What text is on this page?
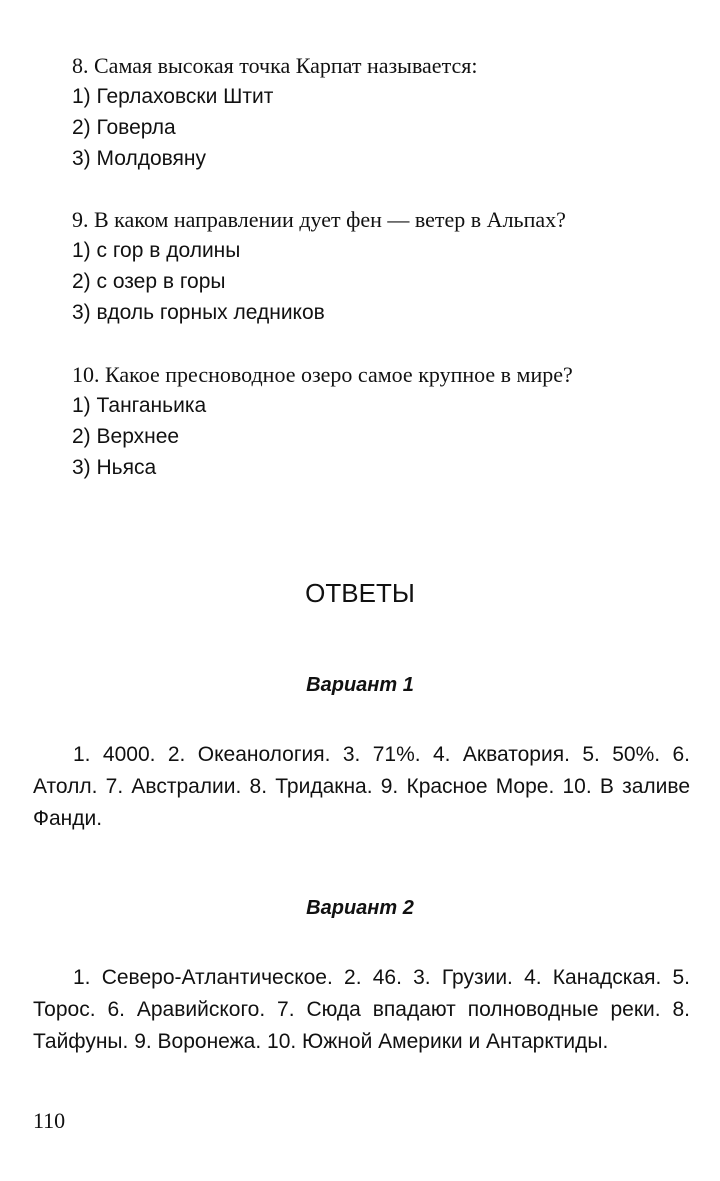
8. Самая высокая точка Карпат называется:

1) Герлаховски Штит

2) Говерла

3) Молдовяну

9. В каком направлении дует фен — ветер в Альпах?

1) с гор в долины

2) с озер в горы

3) вдоль горных ледников

10. Какое пресноводное озеро самое крупное в мире?

1) Танганьика

2) Верхнее

3) Ньяса

ОТВЕТЫ

Вариант 1

1. 4000. 2. Океанология. 3. 71%. 4. Акватория. 5. 50%. 6. Атолл. 7. Австралии. 8. Тридакна. 9. Красное Море. 10. В заливе Фанди.

Вариант 2

1. Северо-Атлантическое. 2. 46. 3. Грузии. 4. Канадская. 5. Торос. 6. Аравийского. 7. Сюда впадают полноводные реки. 8. Тайфуны. 9. Воронежа. 10. Южной Америки и Антарктиды.

110
